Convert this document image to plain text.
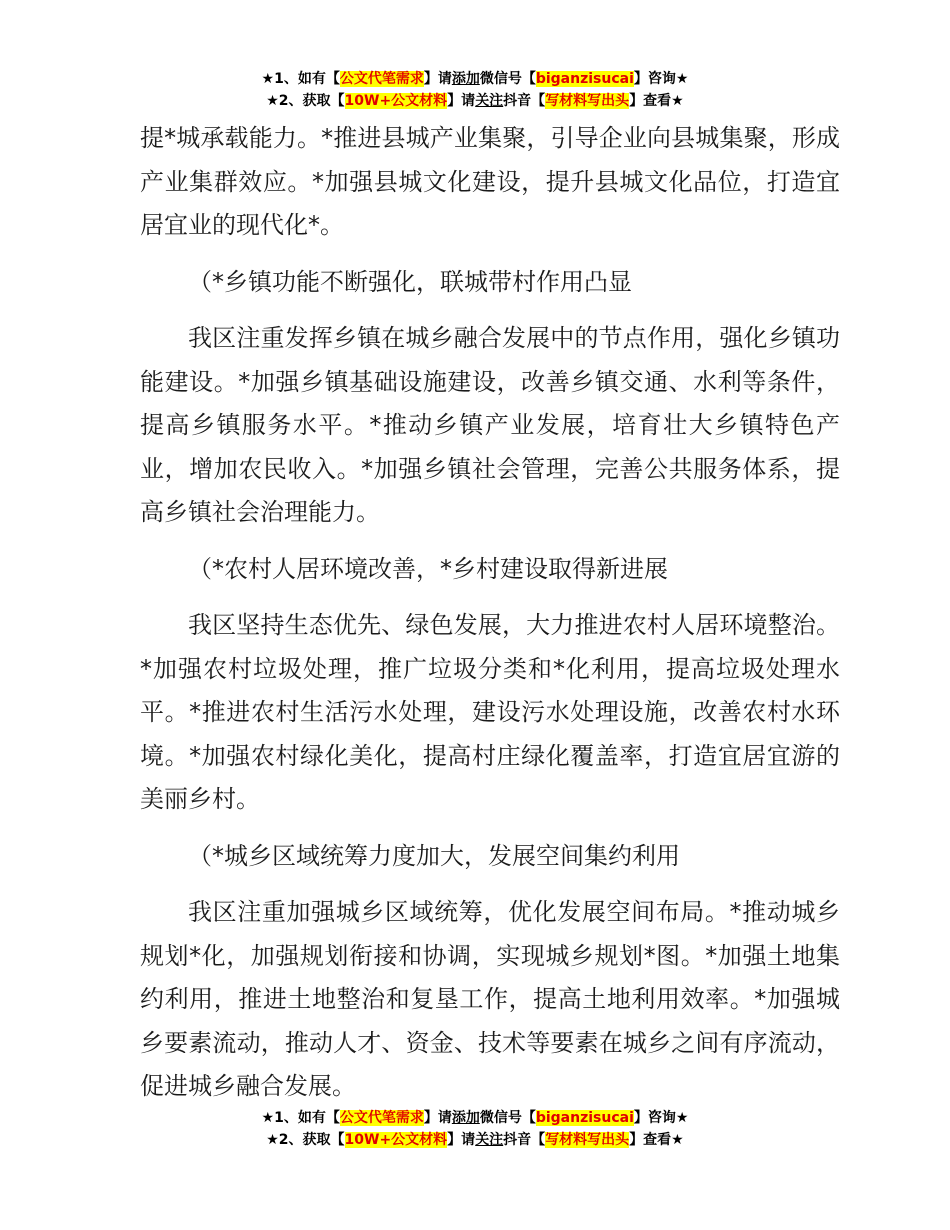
★1、如有【公文代笔需求】请添加微信号【biganzisucai】咨询★
★2、获取【10W+公文材料】请关注抖音【写材料写出头】查看★

提*城承载能力。*推进县城产业集聚，引导企业向县城集聚，形成产业集群效应。*加强县城文化建设，提升县城文化品位，打造宜居宜业的现代化*。

（*乡镇功能不断强化，联城带村作用凸显

我区注重发挥乡镇在城乡融合发展中的节点作用，强化乡镇功能建设。*加强乡镇基础设施建设，改善乡镇交通、水利等条件，提高乡镇服务水平。*推动乡镇产业发展，培育壮大乡镇特色产业，增加农民收入。*加强乡镇社会管理，完善公共服务体系，提高乡镇社会治理能力。

（*农村人居环境改善，*乡村建设取得新进展

我区坚持生态优先、绿色发展，大力推进农村人居环境整治。*加强农村垃圾处理，推广垃圾分类和*化利用，提高垃圾处理水平。*推进农村生活污水处理，建设污水处理设施，改善农村水环境。*加强农村绿化美化，提高村庄绿化覆盖率，打造宜居宜游的美丽乡村。

（*城乡区域统筹力度加大，发展空间集约利用

我区注重加强城乡区域统筹，优化发展空间布局。*推动城乡规划*化，加强规划衔接和协调，实现城乡规划*图。*加强土地集约利用，推进土地整治和复垦工作，提高土地利用效率。*加强城乡要素流动，推动人才、资金、技术等要素在城乡之间有序流动，促进城乡融合发展。

★1、如有【公文代笔需求】请添加微信号【biganzisucai】咨询★
★2、获取【10W+公文材料】请关注抖音【写材料写出头】查看★
